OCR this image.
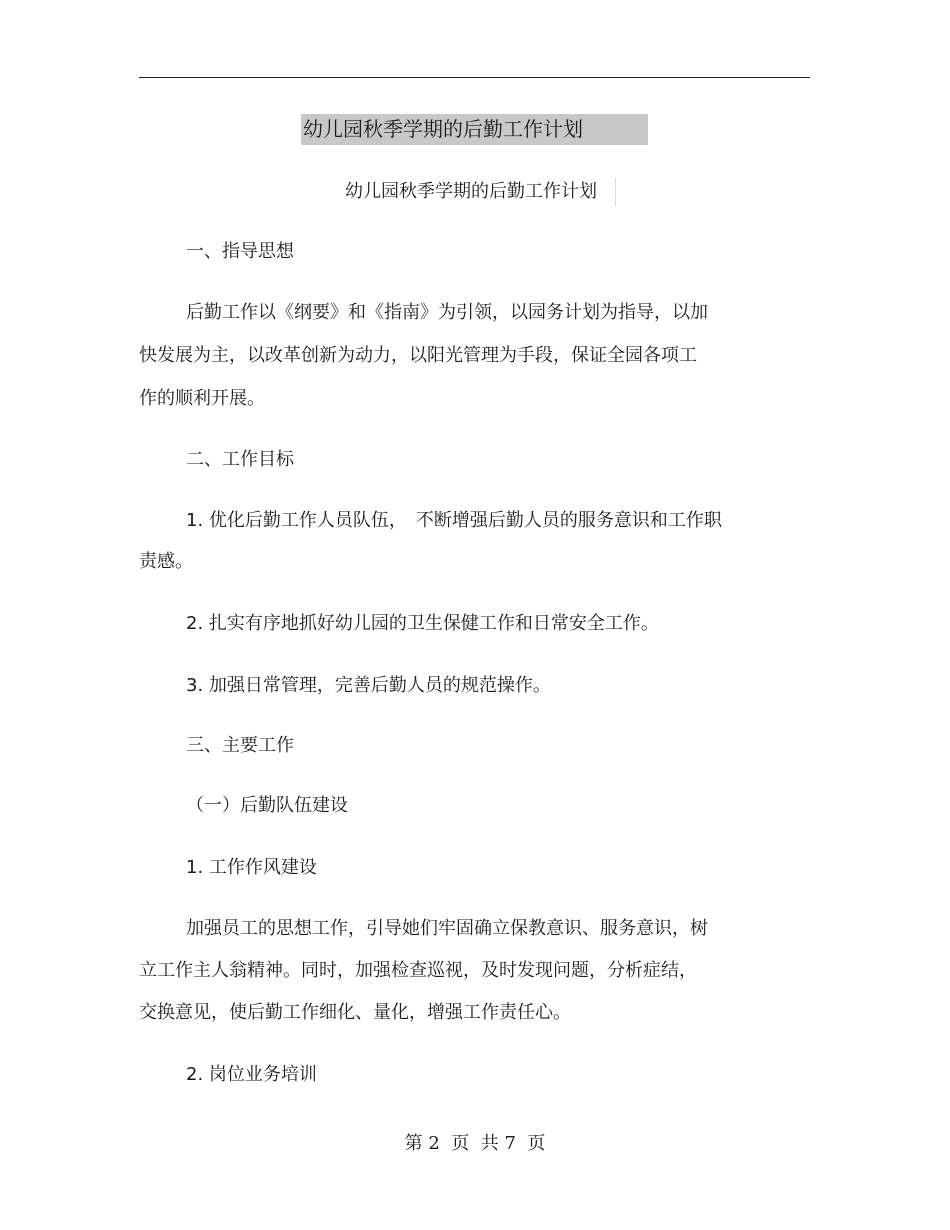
幼儿园秋季学期的后勤工作计划
幼儿园秋季学期的后勤工作计划
一、指导思想
后勤工作以《纲要》和《指南》为引领，以园务计划为指导，以加
快发展为主，以改革创新为动力，以阳光管理为手段，保证全园各项工
作的顺利开展。
二、工作目标
1. 优化后勤工作人员队伍，　不断增强后勤人员的服务意识和工作职
责感。
2. 扎实有序地抓好幼儿园的卫生保健工作和日常安全工作。
3. 加强日常管理，完善后勤人员的规范操作。
三、主要工作
（一）后勤队伍建设
1. 工作作风建设
加强员工的思想工作，引导她们牢固确立保教意识、服务意识，树
立工作主人翁精神。同时，加强检查巡视，及时发现问题，分析症结，
交换意见，使后勤工作细化、量化，增强工作责任心。
2. 岗位业务培训
第 2  页  共 7  页
